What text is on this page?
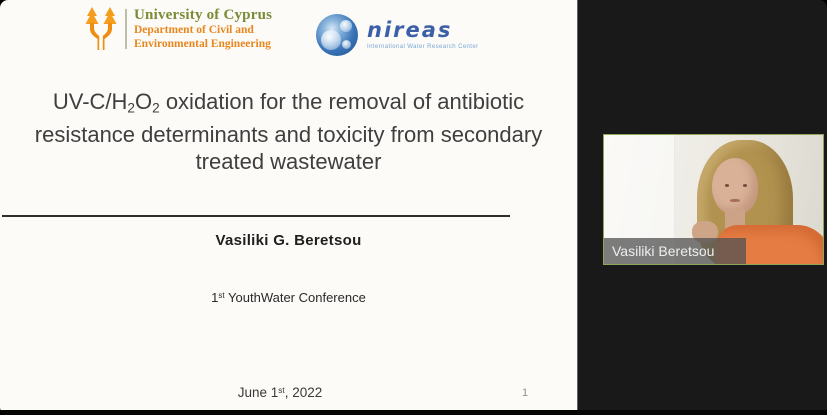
University of Cyprus
Department of Civil and
Environmental Engineering
nireas
International Water Research Center
$UV-C/H_2O_2$ oxidation for the removal of antibiotic resistance determinants and toxicity from secondary treated wastewater
Vasiliki G. Beretsou
1st YouthWater Conference
June 1st, 2022	1
Vasiliki Beretsou
